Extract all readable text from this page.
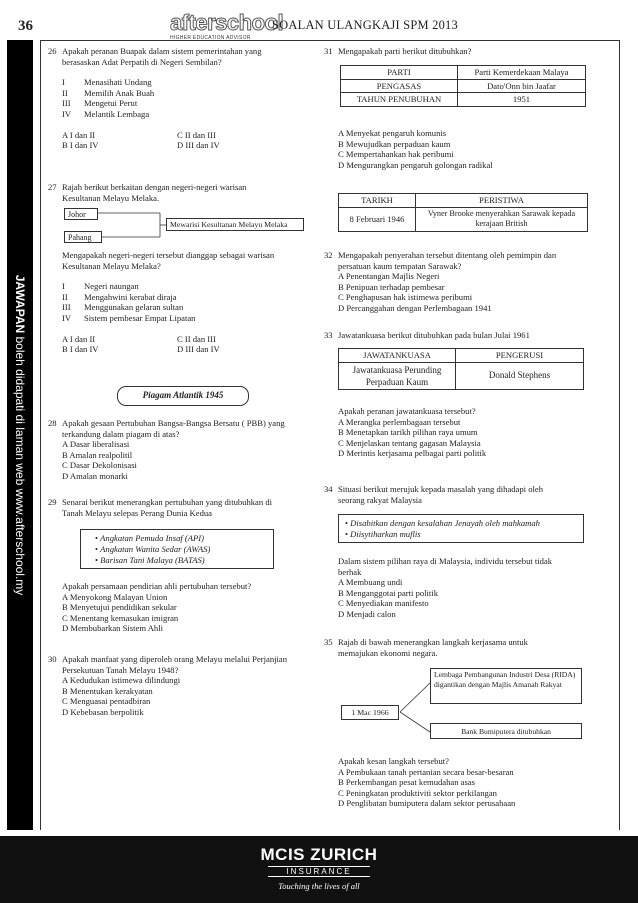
36	afterschool
HIGHER EDUCATION ADVISOR
SOALAN ULANGKAJI SPM 2013
JAWAPAN boleh didapati di laman web www.afterschool.my
26 Apakah peranan Buapak dalam sistem pemerintahan yang

berasaskan Adat Perpatih di Negeri Sembilan?

I	Menasihati Undang
II	Memilih Anak Buah
III	Mengetui Perut
IV	Melantik Lembaga
A I dan II	C II dan III
B I dan IV	D III dan IV
27 Rajah berikut berkaitan dengan negeri-negeri warisan

Kesultanan Melayu Melaka.

Johor
Pahang
Mewarisi Kesultanan Melayu Melaka

Mengapakah negeri-negeri tersebut dianggap sebagai warisan

Kesultanan Melayu Melaka?

I	Negeri naungan
II	Mengahwini kerabat diraja
III	Menggunakan gelaran sultan
IV	Sistem pembesar Empat Lipatan
A I dan II	C II dan III
B I dan IV	D III dan IV
Piagam Atlantik 1945
28 Apakah gesaan Pertubuhan Bangsa-Bangsa Bersatu ( PBB) yang

terkandung dalam piagam di atas?

A Dasar liberalisasi

B Amalan realpolitil

C Dasar Dekolonisasi

D Amalan monarki

29 Senarai berikut menerangkan pertubuhan yang ditubuhkan di

Tanah Melayu selepas Perang Dunia Kedua

• Angkatan Pemuda Insaf (API)
• Angkatan Wanita Sedar (AWAS)
• Barisan Tani Malaya (BATAS)

Apakah persamaan pendirian ahli pertubuhan tersebut?

A Menyokong Malayan Union

B Menyetujui pendidikan sekular

C Menentang kemasukan imigran

D Membubarkan Sistem Ahli

30 Apakah manfaat yang diperoleh orang Melayu melalui Perjanjian

Persekutuan Tanah Melayu 1948?

A Kedudukan istimewa dilindungi

B Menentukan kerakyatan

C Menguasai pentadbiran

D Kebebasan berpolitik

31 Mengapakah parti berikut ditubuhkan?

PARTI	Parti Kemerdekaan Malaya
PENGASAS	Dato'Onn bin Jaafar
TAHUN PENUBUHAN	1951

A Menyekat pengaruh komunis

B Mewujudkan perpaduan kaum

C Mempertahankan hak peribumi

D Mengurangkan pengaruh golongan radikal

TARIKH	PERISTIWA
8 Februari 1946	Vyner Brooke menyerahkan Sarawak kepada kerajaan British
32 Mengapakah penyerahan tersebut ditentang oleh pemimpin dan

persatuan kaum tempatan Sarawak?

A Penentangan Majlis Negeri

B Penipuan terhadap pembesar

C Penghapusan hak istimewa peribumi

D Percanggahan dengan Perlembagaan 1941

33 Jawatankuasa berikut ditubuhkan pada bulan Julai 1961

JAWATANKUASA	PENGERUSI
Jawatankuasa Perunding Perpaduan Kaum	Donald Stephens

Apakah peranan jawatankuasa tersebut?

A Merangka perlembagaan tersebut

B Menetapkan tarikh pilihan raya umum

C Menjelaskan tentang gagasan Malaysia

D Merintis kerjasama pelbagai parti politik

34 Situasi berikut merujuk kepada masalah yang dihadapi oleh

seorang rakyat Malaysia

• Disabitkan dengan kesalahan Jenayah oleh mahkamah
• Diisytiharkan muflis

Dalam sistem pilihan raya di Malaysia, individu tersebut tidak

berhak

A Membuang undi

B Menganggotai parti politik

C Menyediakan manifesto

D Menjadi calon

35 Rajah di bawah menerangkan langkah kerjasama untuk

memajukan ekonomi negara.

Lembaga Pembangunan Industri Desa (RIDA) digantikan dengan Majlis Amanah Rakyat
1 Mac 1966
Bank Bumiputera ditubuhkan

Apakah kesan langkah tersebut?

A Pembukaan tanah pertanian secara besar-besaran

B Perkembangan pesat kemudahan asas

C Peningkatan produktiviti sektor perkilangan

D Penglibatan bumiputera dalam sektor perusahaan

MCIS ZURICH
INSURANCE
Touching the lives of all
